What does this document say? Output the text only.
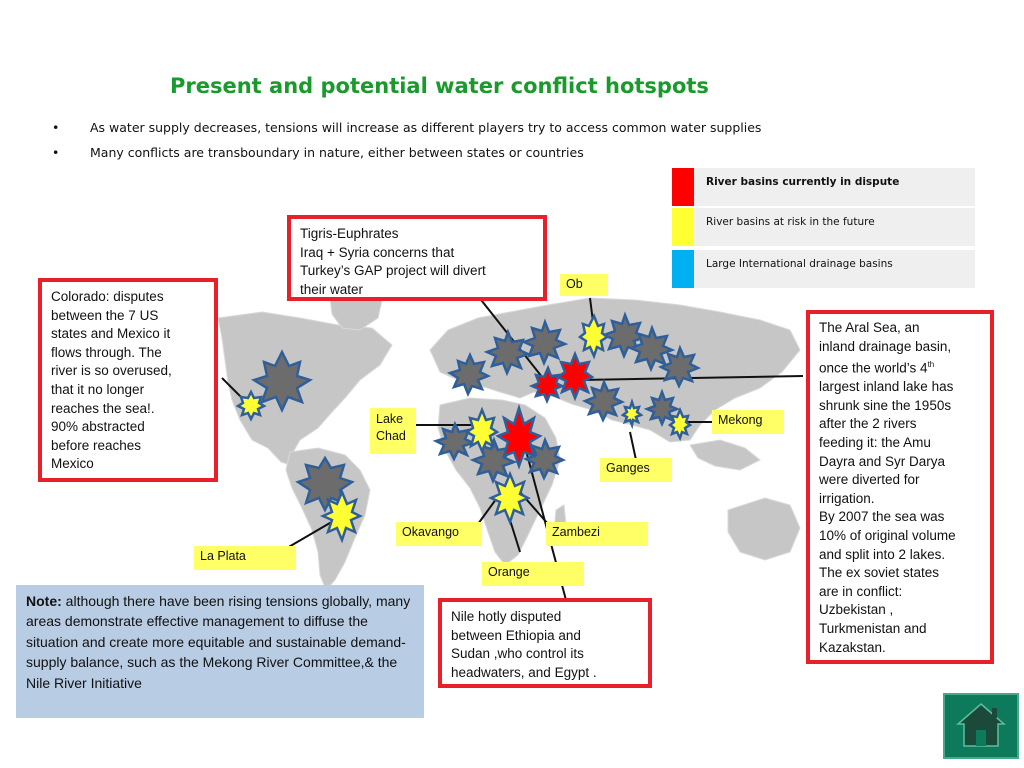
Present and potential water conflict hotspots
• As water supply decreases, tensions will increase as different players try to access common water supplies
• Many conflicts are transboundary in nature, either between states or countries
River basins currently in dispute
River basins at risk in the future
Large International drainage basins
Tigris-Euphrates
Iraq + Syria concerns that
Turkey’s GAP project will divert
their water
Colorado: disputes
between the 7 US
states and Mexico it
flows through. The
river is so overused,
that it no longer
reaches the sea!.
90% abstracted
before reaches
Mexico
The Aral Sea, an
inland drainage basin,
once the world’s 4th
largest inland lake has
shrunk sine the 1950s
after the 2 rivers
feeding it: the Amu
Dayra and Syr Darya
were diverted for
irrigation.
By 2007 the sea was
10% of original volume
and split into 2 lakes.
The ex soviet states
are in conflict:
Uzbekistan ,
Turkmenistan and
Kazakstan.
Nile hotly disputed
between Ethiopia and
Sudan ,who control its
headwaters, and Egypt .
Ob
Lake
Chad
Mekong
Ganges
Okavango	Zambezi
Orange
La Plata
Note: although there have been rising tensions globally, many areas demonstrate effective management to diffuse the situation and create more equitable and sustainable demand-supply balance, such as the Mekong River Committee,& the Nile River Initiative
